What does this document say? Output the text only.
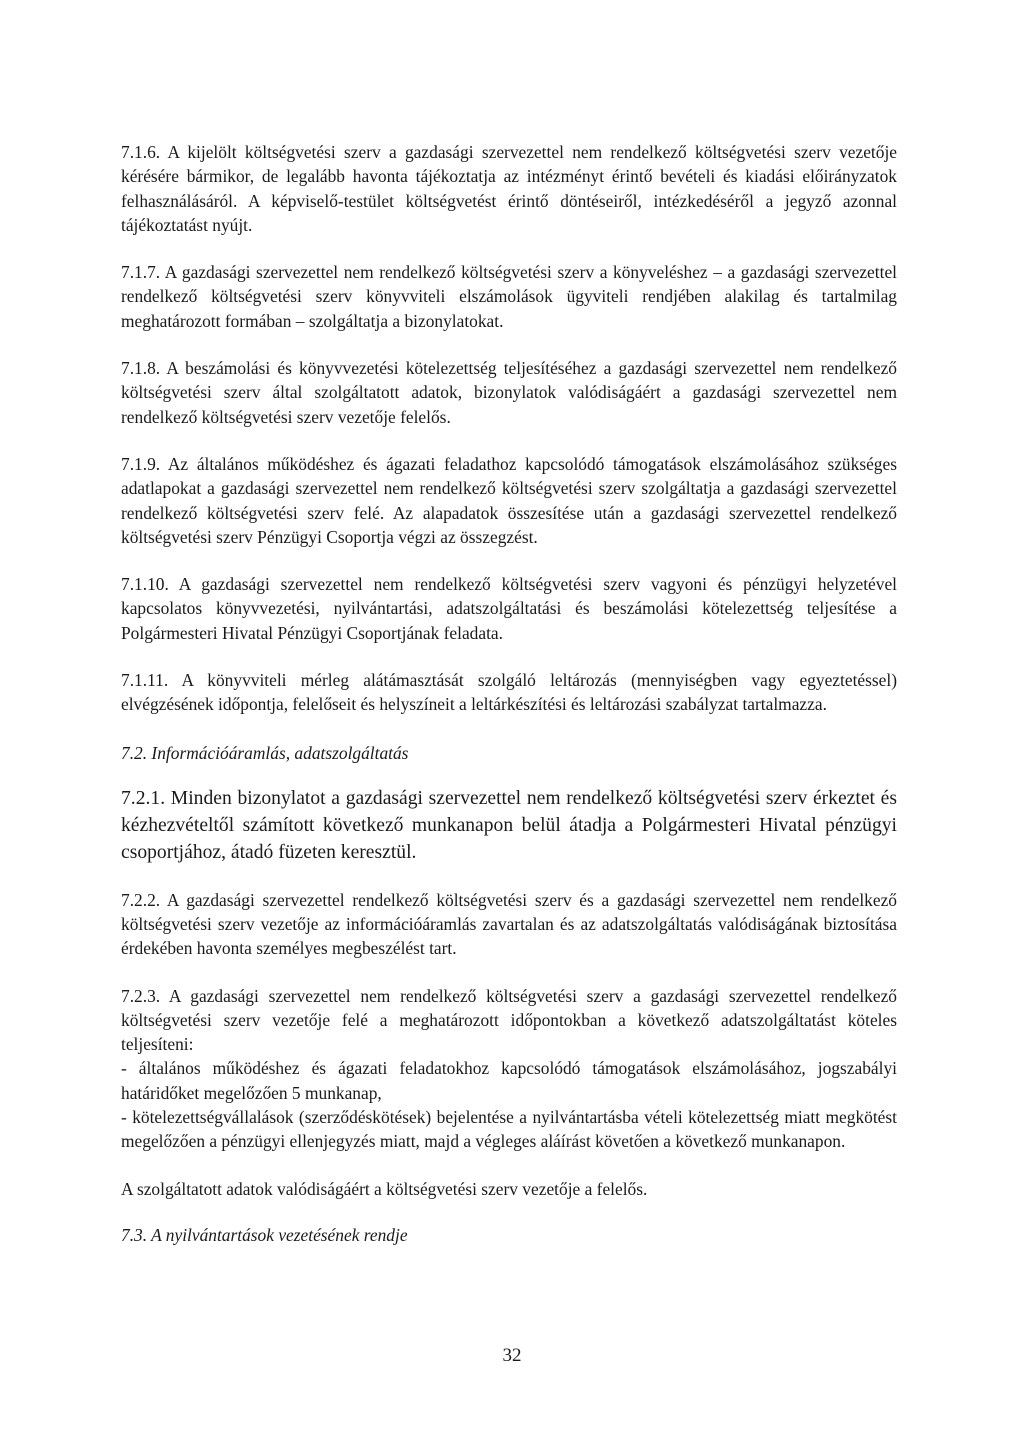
7.1.6. A kijelölt költségvetési szerv a gazdasági szervezettel nem rendelkező költségvetési szerv vezetője kérésére bármikor, de legalább havonta tájékoztatja az intézményt érintő bevételi és kiadási előirányzatok felhasználásáról. A képviselő-testület költségvetést érintő döntéseiről, intézkedéséről a jegyző azonnal tájékoztatást nyújt.

7.1.7. A gazdasági szervezettel nem rendelkező költségvetési szerv a könyveléshez – a gazdasági szervezettel rendelkező költségvetési szerv könyvviteli elszámolások ügyviteli rendjében alakilag és tartalmilag meghatározott formában – szolgáltatja a bizonylatokat.

7.1.8. A beszámolási és könyvvezetési kötelezettség teljesítéséhez a gazdasági szervezettel nem rendelkező költségvetési szerv által szolgáltatott adatok, bizonylatok valódiságáért a gazdasági szervezettel nem rendelkező költségvetési szerv vezetője felelős.

7.1.9. Az általános működéshez és ágazati feladathoz kapcsolódó támogatások elszámolásához szükséges adatlapokat a gazdasági szervezettel nem rendelkező költségvetési szerv szolgáltatja a gazdasági szervezettel rendelkező költségvetési szerv felé. Az alapadatok összesítése után a gazdasági szervezettel rendelkező költségvetési szerv Pénzügyi Csoportja végzi az összegzést.

7.1.10. A gazdasági szervezettel nem rendelkező költségvetési szerv vagyoni és pénzügyi helyzetével kapcsolatos könyvvezetési, nyilvántartási, adatszolgáltatási és beszámolási kötelezettség teljesítése a Polgármesteri Hivatal Pénzügyi Csoportjának feladata.

7.1.11. A könyvviteli mérleg alátámasztását szolgáló leltározás (mennyiségben vagy egyeztetéssel) elvégzésének időpontja, felelőseit és helyszíneit a leltárkészítési és leltározási szabályzat tartalmazza.

7.2. Információáramlás, adatszolgáltatás

7.2.1. Minden bizonylatot a gazdasági szervezettel nem rendelkező költségvetési szerv érkeztet és kézhezvételtől számított következő munkanapon belül átadja a Polgármesteri Hivatal pénzügyi csoportjához, átadó füzeten keresztül.

7.2.2. A gazdasági szervezettel rendelkező költségvetési szerv és a gazdasági szervezettel nem rendelkező költségvetési szerv vezetője az információáramlás zavartalan és az adatszolgáltatás valódiságának biztosítása érdekében havonta személyes megbeszélést tart.

7.2.3. A gazdasági szervezettel nem rendelkező költségvetési szerv a gazdasági szervezettel rendelkező költségvetési szerv vezetője felé a meghatározott időpontokban a következő adatszolgáltatást köteles teljesíteni:

- általános működéshez és ágazati feladatokhoz kapcsolódó támogatások elszámolásához, jogszabályi határidőket megelőzően 5 munkanap,

- kötelezettségvállalások (szerződéskötések) bejelentése a nyilvántartásba vételi kötelezettség miatt megkötést megelőzően a pénzügyi ellenjegyzés miatt, majd a végleges aláírást követően a következő munkanapon.

A szolgáltatott adatok valódiságáért a költségvetési szerv vezetője a felelős.

7.3. A nyilvántartások vezetésének rendje

32
